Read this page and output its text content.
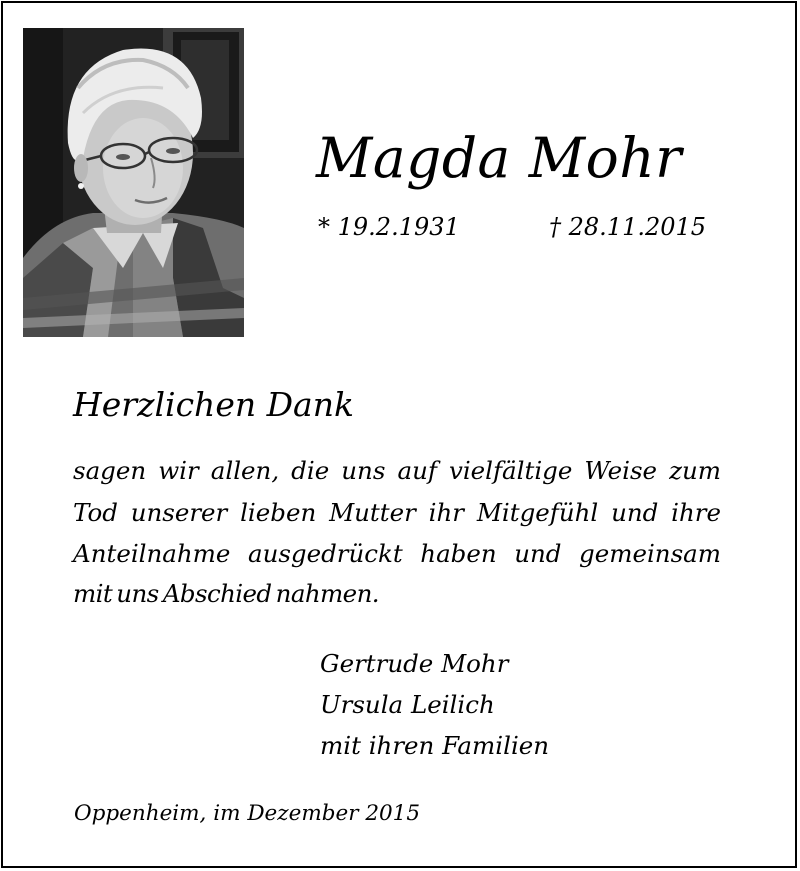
Magda Mohr
* 19.2.1931	† 28.11.2015
Herzlichen Dank
sagen wir allen, die uns auf vielfältige Weise zum
Tod unserer lieben Mutter ihr Mitgefühl und ihre
Anteilnahme ausgedrückt haben und gemeinsam
mit uns Abschied nahmen.
Gertrude Mohr
Ursula Leilich
mit ihren Familien
Oppenheim, im Dezember 2015
